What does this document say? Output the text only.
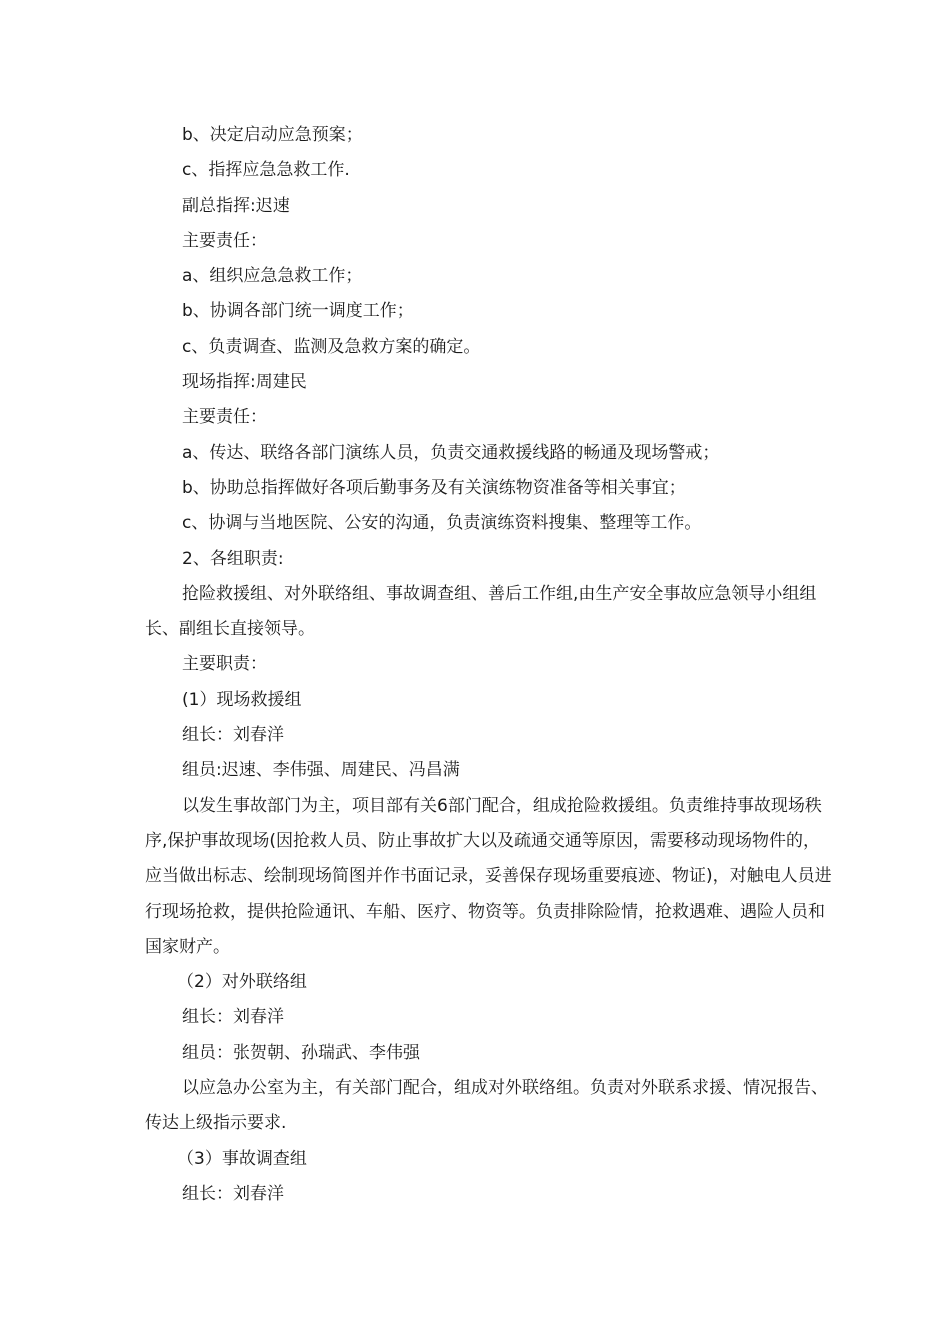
b、决定启动应急预案；

c、指挥应急急救工作.

副总指挥:迟速

主要责任：

a、组织应急急救工作；

b、协调各部门统一调度工作；

c、负责调查、监测及急救方案的确定。

现场指挥:周建民

主要责任：

a、传达、联络各部门演练人员，负责交通救援线路的畅通及现场警戒；

b、协助总指挥做好各项后勤事务及有关演练物资准备等相关事宜；

c、协调与当地医院、公安的沟通，负责演练资料搜集、整理等工作。

2、各组职责:

抢险救援组、对外联络组、事故调查组、善后工作组,由生产安全事故应急领导小组组长、副组长直接领导。

主要职责：

(1）现场救援组

组长：刘春洋

组员:迟速、李伟强、周建民、冯昌满

以发生事故部门为主，项目部有关6部门配合，组成抢险救援组。负责维持事故现场秩序,保护事故现场(因抢救人员、防止事故扩大以及疏通交通等原因，需要移动现场物件的，应当做出标志、绘制现场简图并作书面记录，妥善保存现场重要痕迹、物证)，对触电人员进行现场抢救，提供抢险通讯、车船、医疗、物资等。负责排除险情，抢救遇难、遇险人员和国家财产。

（2）对外联络组

组长：刘春洋

组员：张贺朝、孙瑞武、李伟强

以应急办公室为主，有关部门配合，组成对外联络组。负责对外联系求援、情况报告、传达上级指示要求.

（3）事故调查组

组长：刘春洋
